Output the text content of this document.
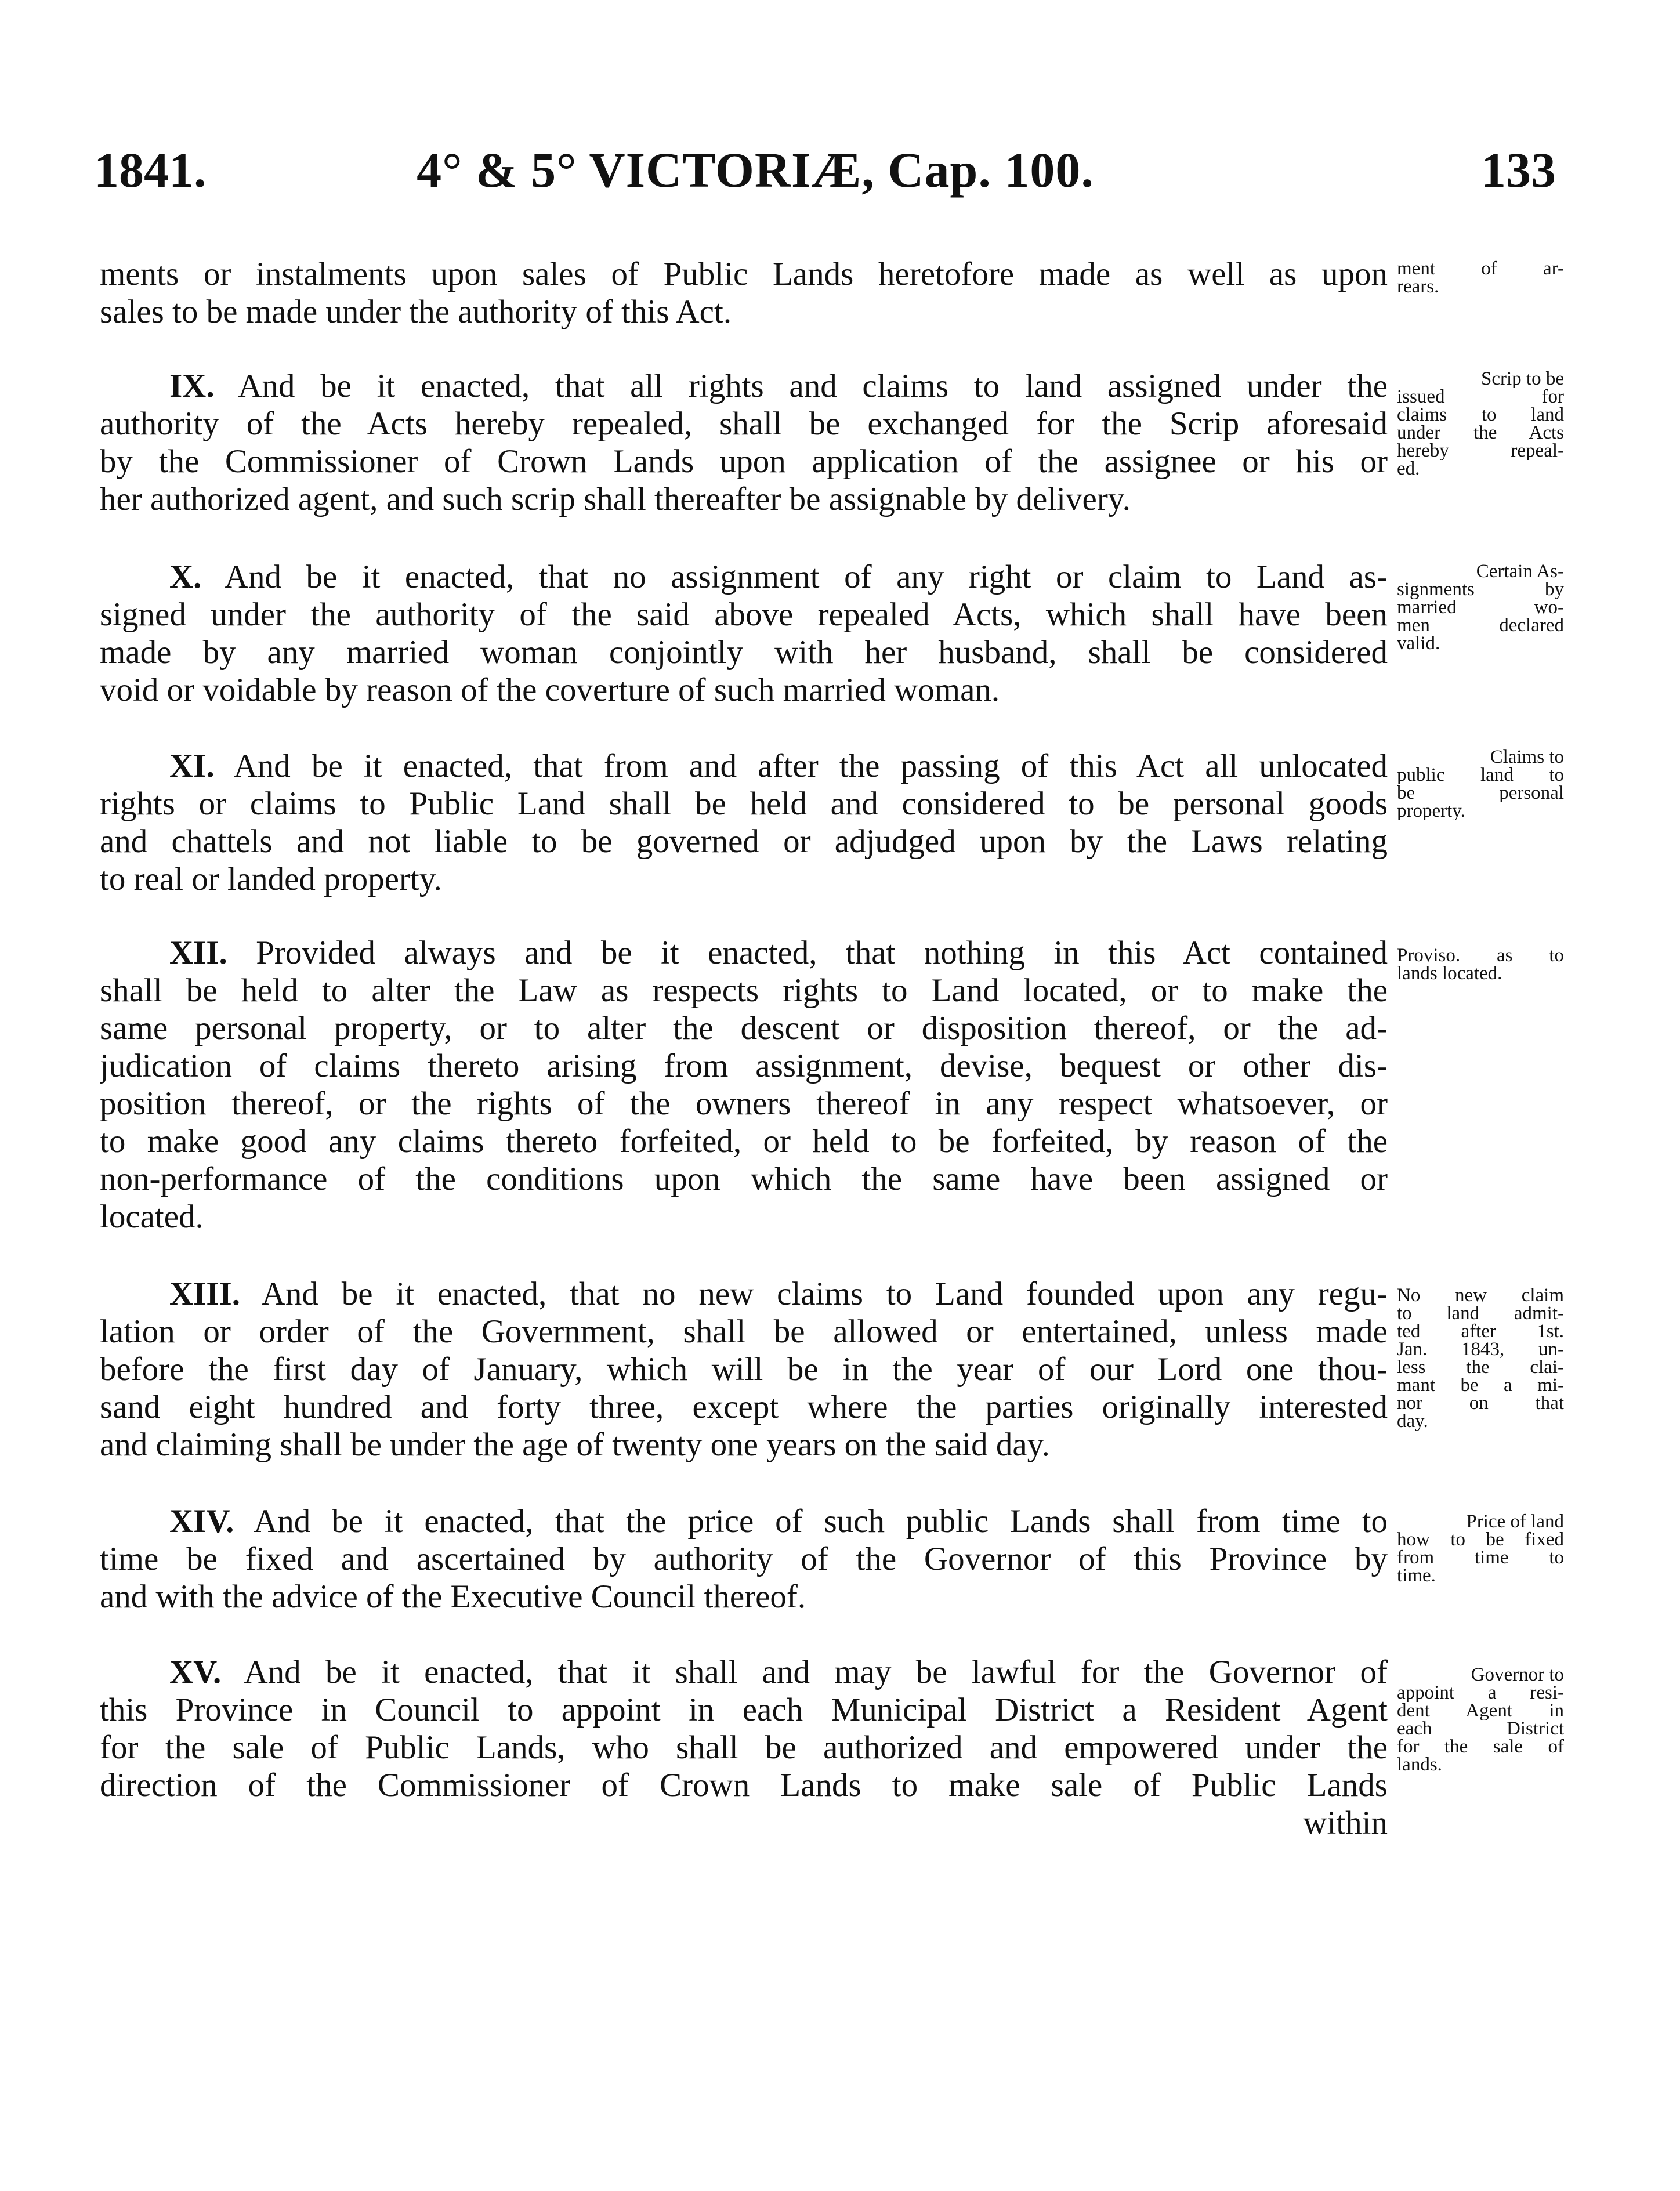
1841.	4° & 5° VICTORIÆ, Cap. 100.	133
ments or instalments upon sales of Public Lands heretofore made as well as upon
sales to be made under the authority of this Act.
ment of ar-
rears.
IX. And be it enacted, that all rights and claims to land assigned under the
authority of the Acts hereby repealed, shall be exchanged for the Scrip aforesaid
by the Commissioner of Crown Lands upon application of the assignee or his or
her authorized agent, and such scrip shall thereafter be assignable by delivery.
Scrip to be
issued for
claims to land
under the Acts
hereby repeal-
ed.
X. And be it enacted, that no assignment of any right or claim to Land as-
signed under the authority of the said above repealed Acts, which shall have been
made by any married woman conjointly with her husband, shall be considered
void or voidable by reason of the coverture of such married woman.
Certain As-
signments by
married wo-
men declared
valid.
XI. And be it enacted, that from and after the passing of this Act all unlocated
rights or claims to Public Land shall be held and considered to be personal goods
and chattels and not liable to be governed or adjudged upon by the Laws relating
to real or landed property.
Claims to
public land to
be personal
property.
XII. Provided always and be it enacted, that nothing in this Act contained
shall be held to alter the Law as respects rights to Land located, or to make the
same personal property, or to alter the descent or disposition thereof, or the ad-
judication of claims thereto arising from assignment, devise, bequest or other dis-
position thereof, or the rights of the owners thereof in any respect whatsoever, or
to make good any claims thereto forfeited, or held to be forfeited, by reason of the
non-performance of the conditions upon which the same have been assigned or
located.
Proviso. as to
lands located.
XIII. And be it enacted, that no new claims to Land founded upon any regu-
lation or order of the Government, shall be allowed or entertained, unless made
before the first day of January, which will be in the year of our Lord one thou-
sand eight hundred and forty three, except where the parties originally interested
and claiming shall be under the age of twenty one years on the said day.
No new claim
to land admit-
ted after 1st.
Jan. 1843, un-
less the clai-
mant be a mi-
nor on that
day.
XIV. And be it enacted, that the price of such public Lands shall from time to
time be fixed and ascertained by authority of the Governor of this Province by
and with the advice of the Executive Council thereof.
Price of land
how to be fixed
from time to
time.
XV. And be it enacted, that it shall and may be lawful for the Governor of
this Province in Council to appoint in each Municipal District a Resident Agent
for the sale of Public Lands, who shall be authorized and empowered under the
direction of the Commissioner of Crown Lands to make sale of Public Lands
within
Governor to
appoint a resi-
dent Agent in
each District
for the sale of
lands.
